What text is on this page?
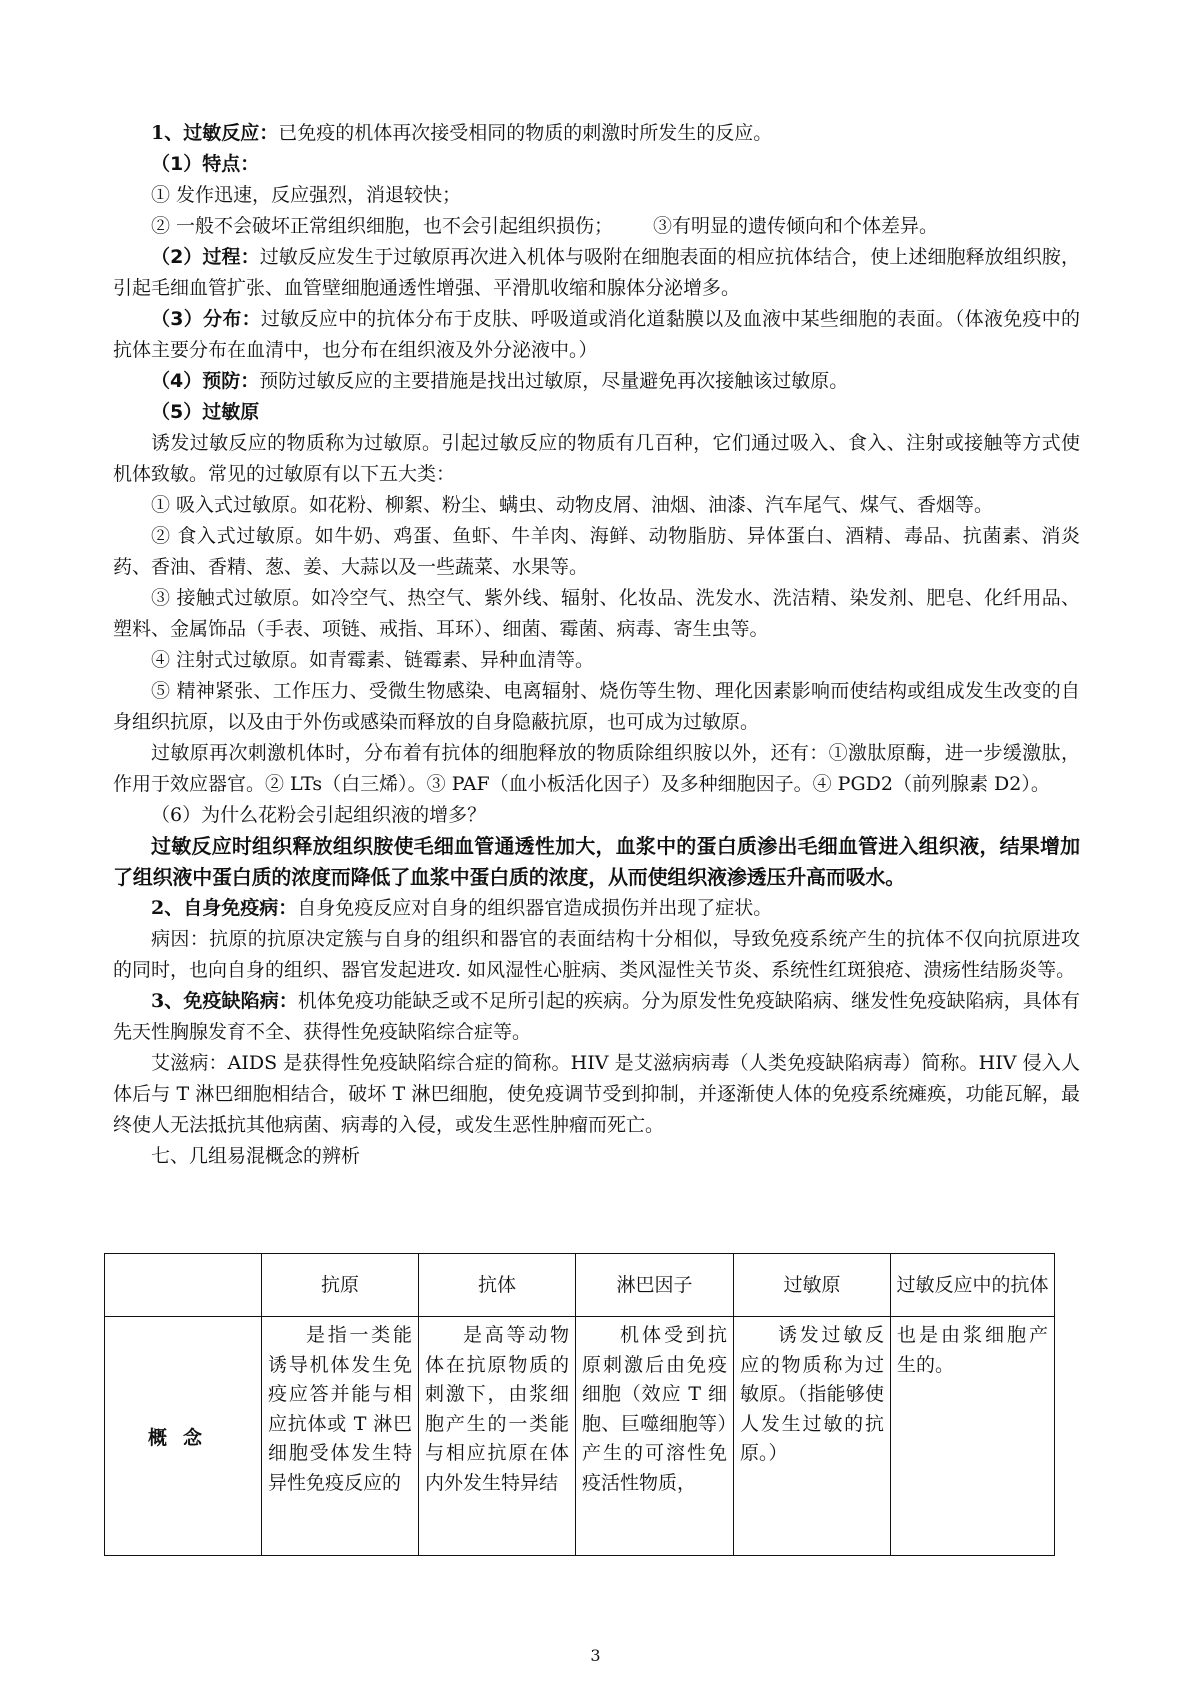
1、过敏反应：已免疫的机体再次接受相同的物质的刺激时所发生的反应。

（1）特点：

① 发作迅速，反应强烈，消退较快；

② 一般不会破坏正常组织细胞，也不会引起组织损伤； ③有明显的遗传倾向和个体差异。

（2）过程：过敏反应发生于过敏原再次进入机体与吸附在细胞表面的相应抗体结合，使上述细胞释放组织胺，引起毛细血管扩张、血管壁细胞通透性增强、平滑肌收缩和腺体分泌增多。

（3）分布：过敏反应中的抗体分布于皮肤、呼吸道或消化道黏膜以及血液中某些细胞的表面。（体液免疫中的抗体主要分布在血清中，也分布在组织液及外分泌液中。）

（4）预防：预防过敏反应的主要措施是找出过敏原，尽量避免再次接触该过敏原。

（5）过敏原

诱发过敏反应的物质称为过敏原。引起过敏反应的物质有几百种，它们通过吸入、食入、注射或接触等方式使机体致敏。常见的过敏原有以下五大类：

① 吸入式过敏原。如花粉、柳絮、粉尘、螨虫、动物皮屑、油烟、油漆、汽车尾气、煤气、香烟等。

② 食入式过敏原。如牛奶、鸡蛋、鱼虾、牛羊肉、海鲜、动物脂肪、异体蛋白、酒精、毒品、抗菌素、消炎药、香油、香精、葱、姜、大蒜以及一些蔬菜、水果等。

③ 接触式过敏原。如冷空气、热空气、紫外线、辐射、化妆品、洗发水、洗洁精、染发剂、肥皂、化纤用品、塑料、金属饰品（手表、项链、戒指、耳环）、细菌、霉菌、病毒、寄生虫等。

④ 注射式过敏原。如青霉素、链霉素、异种血清等。

⑤ 精神紧张、工作压力、受微生物感染、电离辐射、烧伤等生物、理化因素影响而使结构或组成发生改变的自身组织抗原，以及由于外伤或感染而释放的自身隐蔽抗原，也可成为过敏原。

过敏原再次刺激机体时，分布着有抗体的细胞释放的物质除组织胺以外，还有：①激肽原酶，进一步缓激肽，作用于效应器官。② LTs（白三烯）。③ PAF（血小板活化因子）及多种细胞因子。④ PGD2（前列腺素 D2）。

（6）为什么花粉会引起组织液的增多？

过敏反应时组织释放组织胺使毛细血管通透性加大，血浆中的蛋白质渗出毛细血管进入组织液，结果增加了组织液中蛋白质的浓度而降低了血浆中蛋白质的浓度，从而使组织液渗透压升高而吸水。

2、自身免疫病：自身免疫反应对自身的组织器官造成损伤并出现了症状。

病因：抗原的抗原决定簇与自身的组织和器官的表面结构十分相似，导致免疫系统产生的抗体不仅向抗原进攻的同时，也向自身的组织、器官发起进攻. 如风湿性心脏病、类风湿性关节炎、系统性红斑狼疮、溃疡性结肠炎等。

3、免疫缺陷病：机体免疫功能缺乏或不足所引起的疾病。分为原发性免疫缺陷病、继发性免疫缺陷病，具体有先天性胸腺发育不全、获得性免疫缺陷综合症等。

艾滋病：AIDS 是获得性免疫缺陷综合症的简称。HIV 是艾滋病病毒（人类免疫缺陷病毒）简称。HIV 侵入人体后与 T 淋巴细胞相结合，破坏 T 淋巴细胞，使免疫调节受到抑制，并逐渐使人体的免疫系统瘫痪，功能瓦解，最终使人无法抵抗其他病菌、病毒的入侵，或发生恶性肿瘤而死亡。

七、几组易混概念的辨析

	抗原	抗体	淋巴因子	过敏原	过敏反应中的抗体
概念	是指一类能诱导机体发生免疫应答并能与相应抗体或 T 淋巴细胞受体发生特异性免疫反应的	是高等动物体在抗原物质的刺激下，由浆细胞产生的一类能与相应抗原在体内外发生特异结	机体受到抗原刺激后由免疫细胞（效应 T 细胞、巨噬细胞等）产生的可溶性免疫活性物质，	诱发过敏反应的物质称为过敏原。（指能够使人发生过敏的抗原。）	也是由浆细胞产生的。
3
